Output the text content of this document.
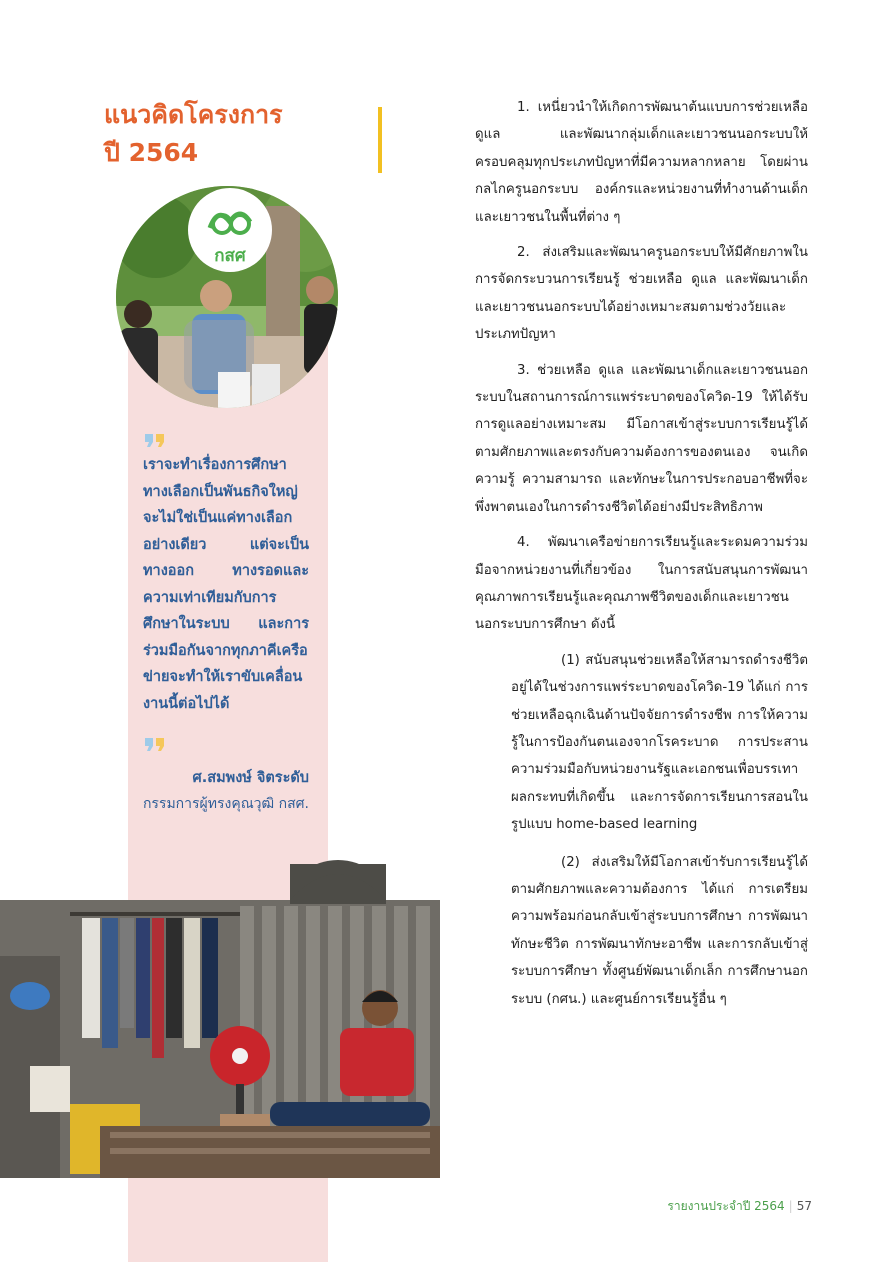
แนวคิดโครงการ
ปี 2564
กสศ

เราจะทำเรื่องการศึกษาทางเลือกเป็นพันธกิจใหญ่จะไม่ใช่เป็นแค่ทางเลือกอย่างเดียว แต่จะเป็นทางออก ทางรอดและความเท่าเทียมกับการศึกษาในระบบ และการร่วมมือกันจากทุกภาคีเครือข่ายจะทำให้เราขับเคลื่อนงานนี้ต่อไปได้

ศ.สมพงษ์ จิตระดับ
กรรมการผู้ทรงคุณวุฒิ กสศ.

1. เหนี่ยวนำให้เกิดการพัฒนาต้นแบบการช่วยเหลือ ดูแล และพัฒนากลุ่มเด็กและเยาวชนนอกระบบให้ครอบคลุมทุกประเภทปัญหาที่มีความหลากหลาย โดยผ่านกลไกครูนอกระบบ องค์กรและหน่วยงานที่ทำงานด้านเด็กและเยาวชนในพื้นที่ต่าง ๆ

2. ส่งเสริมและพัฒนาครูนอกระบบให้มีศักยภาพในการจัดกระบวนการเรียนรู้ ช่วยเหลือ ดูแล และพัฒนาเด็กและเยาวชนนอกระบบได้อย่างเหมาะสมตามช่วงวัยและประเภทปัญหา

3. ช่วยเหลือ ดูแล และพัฒนาเด็กและเยาวชนนอกระบบในสถานการณ์การแพร่ระบาดของโควิด-19 ให้ได้รับการดูแลอย่างเหมาะสม มีโอกาสเข้าสู่ระบบการเรียนรู้ได้ตามศักยภาพและตรงกับความต้องการของตนเอง จนเกิดความรู้ ความสามารถ และทักษะในการประกอบอาชีพที่จะพึ่งพาตนเองในการดำรงชีวิตได้อย่างมีประสิทธิภาพ

4. พัฒนาเครือข่ายการเรียนรู้และระดมความร่วมมือจากหน่วยงานที่เกี่ยวข้อง ในการสนับสนุนการพัฒนาคุณภาพการเรียนรู้และคุณภาพชีวิตของเด็กและเยาวชนนอกระบบการศึกษา ดังนี้

(1) สนับสนุนช่วยเหลือให้สามารถดำรงชีวิตอยู่ได้ในช่วงการแพร่ระบาดของโควิด-19 ได้แก่ การช่วยเหลือฉุกเฉินด้านปัจจัยการดำรงชีพ การให้ความรู้ในการป้องกันตนเองจากโรคระบาด การประสานความร่วมมือกับหน่วยงานรัฐและเอกชนเพื่อบรรเทาผลกระทบที่เกิดขึ้น และการจัดการเรียนการสอนในรูปแบบ home-based learning

(2) ส่งเสริมให้มีโอกาสเข้ารับการเรียนรู้ได้ตามศักยภาพและความต้องการ ได้แก่ การเตรียมความพร้อมก่อนกลับเข้าสู่ระบบการศึกษา การพัฒนาทักษะชีวิต การพัฒนาทักษะอาชีพ และการกลับเข้าสู่ระบบการศึกษา ทั้งศูนย์พัฒนาเด็กเล็ก การศึกษานอกระบบ (กศน.) และศูนย์การเรียนรู้อื่น ๆ

รายงานประจำปี 2564 | 57
